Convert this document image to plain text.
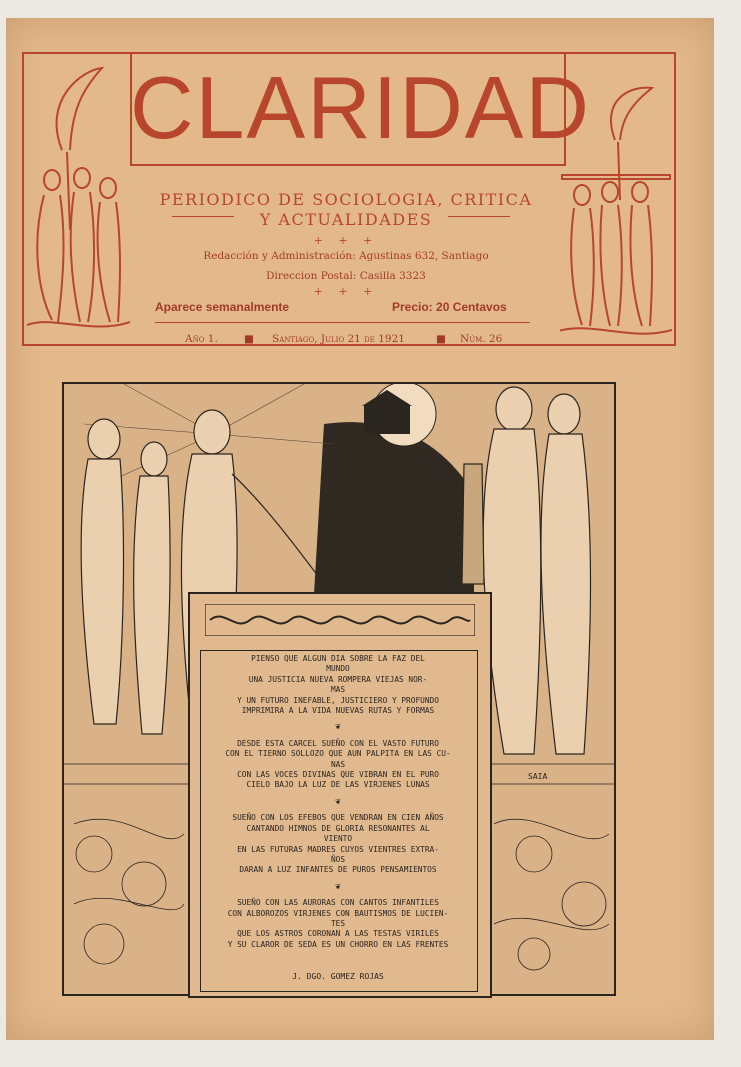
CLARIDAD
PERIODICO DE SOCIOLOGIA, CRITICA
Y ACTUALIDADES
+ + +
Redacción y Administración: Agustinas 632, Santiago
Direccion Postal: Casilla 3323
+ + +
Aparece semanalmente	Precio: 20 Centavos
Año 1. ■ Santiago, Julio 21 de 1921	■ Núm. 26

PIENSO QUE ALGUN DIA SOBRE LA FAZ DEL
MUNDO
UNA JUSTICIA NUEVA ROMPERA VIEJAS NOR-
MAS
Y UN FUTURO INEFABLE, JUSTICIERO Y PROFUNDO
IMPRIMIRA A LA VIDA NUEVAS RUTAS Y FORMAS

❦

DESDE ESTA CARCEL SUEÑO CON EL VASTO FUTURO
CON EL TIERNO SOLLOZO QUE AUN PALPITA EN LAS CU-
NAS
CON LAS VOCES DIVINAS QUE VIBRAN EN EL PURO
CIELO BAJO LA LUZ DE LAS VIRJENES LUNAS

❦

SUEÑO CON LOS EFEBOS QUE VENDRAN EN CIEN AÑOS
CANTANDO HIMNOS DE GLORIA RESONANTES AL
VIENTO
EN LAS FUTURAS MADRES CUYOS VIENTRES EXTRA-
ÑOS
DARAN A LUZ INFANTES DE PUROS PENSAMIENTOS

❦

SUEÑO CON LAS AURORAS CON CANTOS INFANTILES
CON ALBOROZOS VIRJENES CON BAUTISMOS DE LUCIEN-
TES
QUE LOS ASTROS CORONAN A LAS TESTAS VIRILES
Y SU CLAROR DE SEDA ES UN CHORRO EN LAS FRENTES

J. DGO. GOMEZ ROJAS
SAIA
